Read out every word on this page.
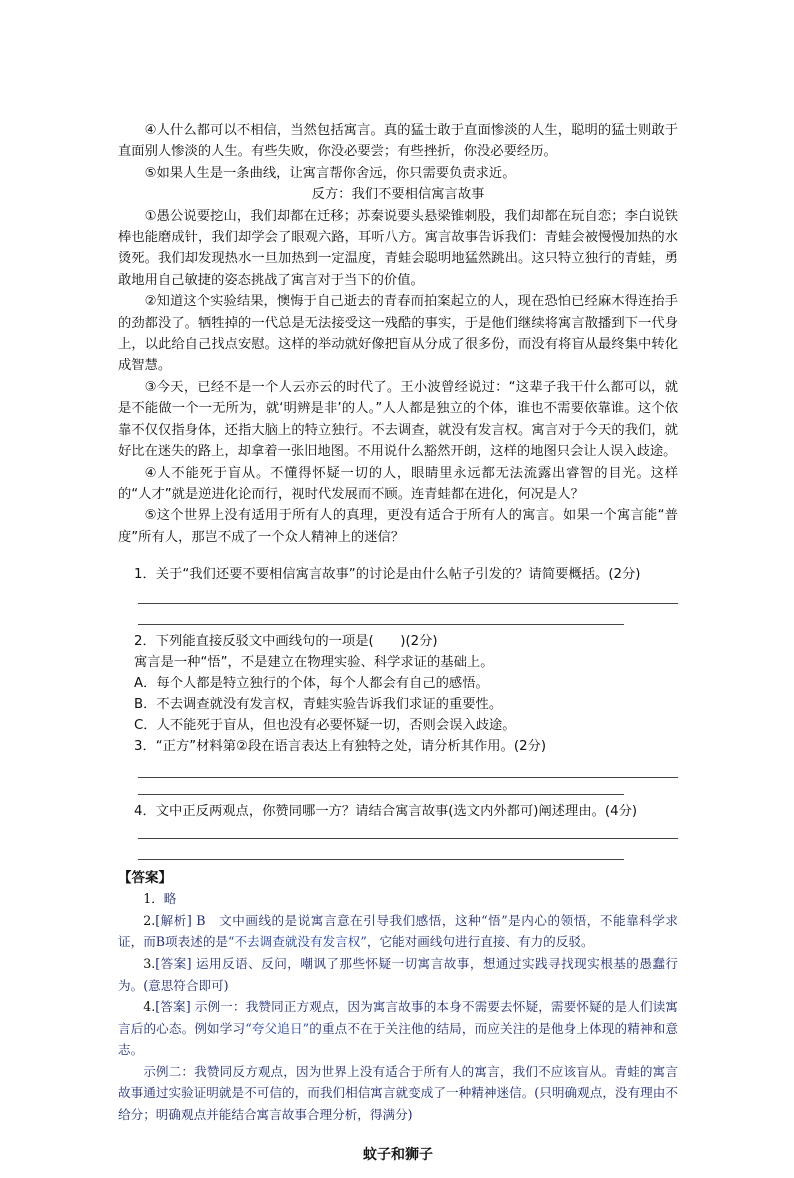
④人什么都可以不相信，当然包括寓言。真的猛士敢于直面惨淡的人生，聪明的猛士则敢于直面别人惨淡的人生。有些失败，你没必要尝；有些挫折，你没必要经历。

⑤如果人生是一条曲线，让寓言帮你舍远，你只需要负责求近。

反方：我们不要相信寓言故事

①愚公说要挖山，我们却都在迁移；苏秦说要头悬梁锥刺股，我们却都在玩自恋；李白说铁棒也能磨成针，我们却学会了眼观六路，耳听八方。寓言故事告诉我们：青蛙会被慢慢加热的水烫死。我们却发现热水一旦加热到一定温度，青蛙会聪明地猛然跳出。这只特立独行的青蛙，勇敢地用自己敏捷的姿态挑战了寓言对于当下的价值。

②知道这个实验结果，懊悔于自己逝去的青春而拍案起立的人，现在恐怕已经麻木得连抬手的劲都没了。牺牲掉的一代总是无法接受这一残酷的事实，于是他们继续将寓言散播到下一代身上，以此给自己找点安慰。这样的举动就好像把盲从分成了很多份，而没有将盲从最终集中转化成智慧。

③今天，已经不是一个人云亦云的时代了。王小波曾经说过：“这辈子我干什么都可以，就是不能做一个一无所为，就‘明辨是非’的人。”人人都是独立的个体，谁也不需要依靠谁。这个依靠不仅仅指身体，还指大脑上的特立独行。不去调查，就没有发言权。寓言对于今天的我们，就好比在迷失的路上，却拿着一张旧地图。不用说什么豁然开朗，这样的地图只会让人误入歧途。

④人不能死于盲从。不懂得怀疑一切的人，眼睛里永远都无法流露出睿智的目光。这样的“人才”就是逆进化论而行，视时代发展而不顾。连青蛙都在进化，何况是人？

⑤这个世界上没有适用于所有人的真理，更没有适合于所有人的寓言。如果一个寓言能“普度”所有人，那岂不成了一个众人精神上的迷信？

1．关于“我们还要不要相信寓言故事”的讨论是由什么帖子引发的？请简要概括。(2分)

2．下列能直接反驳文中画线句的一项是(　　)(2分)

寓言是一种“悟”，不是建立在物理实验、科学求证的基础上。

A．每个人都是特立独行的个体，每个人都会有自己的感悟。

B．不去调查就没有发言权，青蛙实验告诉我们求证的重要性。

C．人不能死于盲从，但也没有必要怀疑一切，否则会误入歧途。

3．“正方”材料第②段在语言表达上有独特之处，请分析其作用。(2分)

4．文中正反两观点，你赞同哪一方？请结合寓言故事(选文内外都可)阐述理由。(4分)

【答案】

1．略

2.[解析] B　文中画线的是说寓言意在引导我们感悟，这种“悟”是内心的领悟，不能靠科学求证，而B项表述的是“不去调查就没有发言权”，它能对画线句进行直接、有力的反驳。

3.[答案] 运用反语、反问，嘲讽了那些怀疑一切寓言故事，想通过实践寻找现实根基的愚蠢行为。(意思符合即可)

4.[答案] 示例一：我赞同正方观点，因为寓言故事的本身不需要去怀疑，需要怀疑的是人们读寓言后的心态。例如学习“夸父追日”的重点不在于关注他的结局，而应关注的是他身上体现的精神和意志。

示例二：我赞同反方观点，因为世界上没有适合于所有人的寓言，我们不应该盲从。青蛙的寓言故事通过实验证明就是不可信的，而我们相信寓言就变成了一种精神迷信。(只明确观点，没有理由不给分；明确观点并能结合寓言故事合理分析，得满分)

蚊子和狮子
